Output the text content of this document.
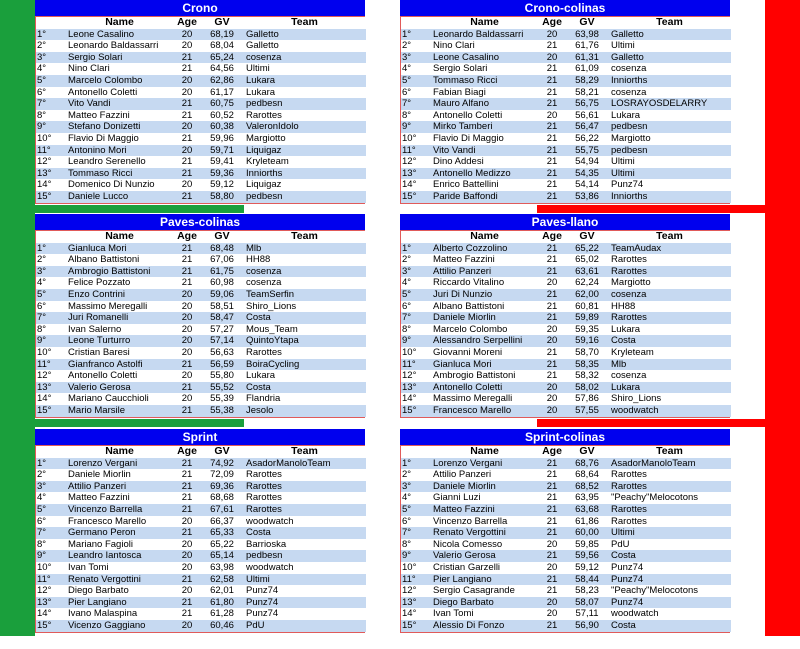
Crono
	Name	Age	GV	Team
1°	Leone Casalino	20	68,19	Galletto
2°	Leonardo Baldassarri	20	68,04	Galletto
3°	Sergio Solari	21	65,24	cosenza
4°	Nino Clari	21	64,56	Ultimi
5°	Marcelo Colombo	20	62,86	Lukara
6°	Antonello Coletti	20	61,17	Lukara
7°	Vito Vandi	21	60,75	pedbesn
8°	Matteo Fazzini	21	60,52	Rarottes
9°	Stefano Donizetti	20	60,38	ValeronIdolo
10°	Flavio Di Maggio	21	59,96	Margiotto
11°	Antonino Mori	20	59,71	Liquigaz
12°	Leandro Serenello	21	59,41	Kryleteam
13°	Tommaso Ricci	21	59,36	Inniorths
14°	Domenico Di Nunzio	20	59,12	Liquigaz
15°	Daniele Lucco	21	58,80	pedbesn
Crono-colinas
	Name	Age	GV	Team
1°	Leonardo Baldassarri	20	63,98	Galletto
2°	Nino Clari	21	61,76	Ultimi
3°	Leone Casalino	20	61,31	Galletto
4°	Sergio Solari	21	61,09	cosenza
5°	Tommaso Ricci	21	58,29	Inniorths
6°	Fabian Biagi	21	58,21	cosenza
7°	Mauro Alfano	21	56,75	LOSRAYOSDELARRY
8°	Antonello Coletti	20	56,61	Lukara
9°	Mirko Tamberi	21	56,47	pedbesn
10°	Flavio Di Maggio	21	56,22	Margiotto
11°	Vito Vandi	21	55,75	pedbesn
12°	Dino Addesi	21	54,94	Ultimi
13°	Antonello Medizzo	21	54,35	Ultimi
14°	Enrico Battellini	21	54,14	Punz74
15°	Paride Baffondi	21	53,86	Inniorths
Paves-colinas
	Name	Age	GV	Team
1°	Gianluca Mori	21	68,48	Mlb
2°	Albano Battistoni	21	67,06	HH88
3°	Ambrogio Battistoni	21	61,75	cosenza
4°	Felice Pozzato	21	60,98	cosenza
5°	Enzo Contrini	20	59,06	TeamSerfin
6°	Massimo Meregalli	20	58,51	Shiro_Lions
7°	Juri Romanelli	20	58,47	Costa
8°	Ivan Salerno	20	57,27	Mous_Team
9°	Leone Turturro	20	57,14	QuintoYtapa
10°	Cristian Baresi	20	56,63	Rarottes
11°	Gianfranco Astolfi	21	56,59	BoiraCycling
12°	Antonello Coletti	20	55,80	Lukara
13°	Valerio Gerosa	21	55,52	Costa
14°	Mariano Caucchioli	20	55,39	Flandria
15°	Mario Marsile	21	55,38	Jesolo
Paves-llano
	Name	Age	GV	Team
1°	Alberto Cozzolino	21	65,22	TeamAudax
2°	Matteo Fazzini	21	65,02	Rarottes
3°	Attilio Panzeri	21	63,61	Rarottes
4°	Riccardo Vitalino	20	62,24	Margiotto
5°	Juri Di Nunzio	21	62,00	cosenza
6°	Albano Battistoni	21	60,81	HH88
7°	Daniele Miorlin	21	59,89	Rarottes
8°	Marcelo Colombo	20	59,35	Lukara
9°	Alessandro Serpellini	20	59,16	Costa
10°	Giovanni Moreni	21	58,70	Kryleteam
11°	Gianluca Mori	21	58,35	Mlb
12°	Ambrogio Battistoni	21	58,32	cosenza
13°	Antonello Coletti	20	58,02	Lukara
14°	Massimo Meregalli	20	57,86	Shiro_Lions
15°	Francesco Marello	20	57,55	woodwatch
Sprint
	Name	Age	GV	Team
1°	Lorenzo Vergani	21	74,92	AsadorManoloTeam
2°	Daniele Miorlin	21	72,09	Rarottes
3°	Attilio Panzeri	21	69,36	Rarottes
4°	Matteo Fazzini	21	68,68	Rarottes
5°	Vincenzo Barrella	21	67,61	Rarottes
6°	Francesco Marello	20	66,37	woodwatch
7°	Germano Peron	21	65,33	Costa
8°	Mariano Fagioli	20	65,22	Barrioska
9°	Leandro Iantosca	20	65,14	pedbesn
10°	Ivan Tomi	20	63,98	woodwatch
11°	Renato Vergottini	21	62,58	Ultimi
12°	Diego Barbato	20	62,01	Punz74
13°	Pier Langiano	21	61,80	Punz74
14°	Ivano Malaspina	21	61,28	Punz74
15°	Vicenzo Gaggiano	20	60,46	PdU
Sprint-colinas
	Name	Age	GV	Team
1°	Lorenzo Vergani	21	68,76	AsadorManoloTeam
2°	Attilio Panzeri	21	68,64	Rarottes
3°	Daniele Miorlin	21	68,52	Rarottes
4°	Gianni Luzi	21	63,95	"Peachy"Melocotons
5°	Matteo Fazzini	21	63,68	Rarottes
6°	Vincenzo Barrella	21	61,86	Rarottes
7°	Renato Vergottini	21	60,00	Ultimi
8°	Nicola Comesso	20	59,85	PdU
9°	Valerio Gerosa	21	59,56	Costa
10°	Cristian Garzelli	20	59,12	Punz74
11°	Pier Langiano	21	58,44	Punz74
12°	Sergio Casagrande	21	58,23	"Peachy"Melocotons
13°	Diego Barbato	20	58,07	Punz74
14°	Ivan Tomi	20	57,11	woodwatch
15°	Alessio Di Fonzo	21	56,90	Costa
